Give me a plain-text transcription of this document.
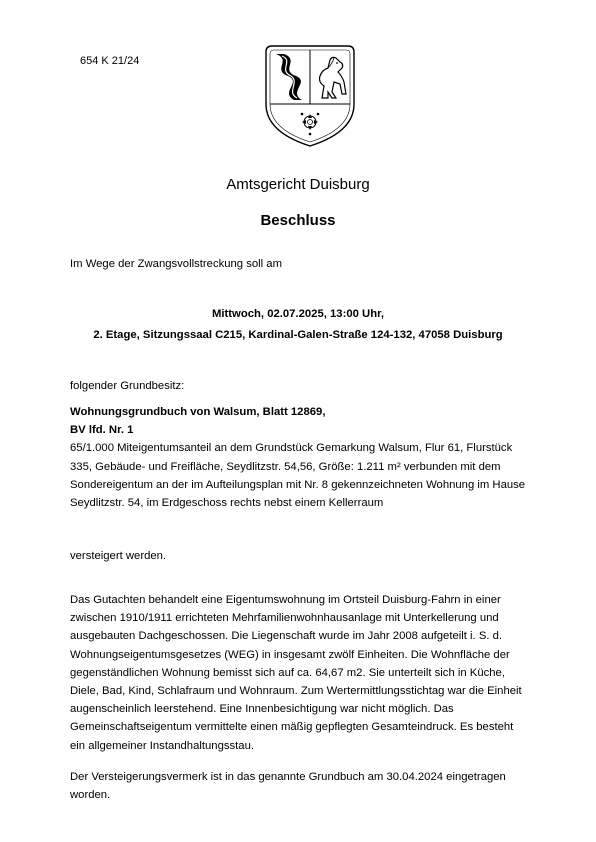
654 K 21/24
Amtsgericht Duisburg
Beschluss
Im Wege der Zwangsvollstreckung soll am
Mittwoch, 02.07.2025, 13:00 Uhr,
2. Etage, Sitzungssaal C215, Kardinal-Galen-Straße 124-132, 47058 Duisburg
folgender Grundbesitz:
Wohnungsgrundbuch von Walsum, Blatt 12869,
BV lfd. Nr. 1
65/1.000 Miteigentumsanteil an dem Grundstück Gemarkung Walsum, Flur 61, Flurstück 335, Gebäude- und Freifläche, Seydlitzstr. 54,56, Größe: 1.211 m² verbunden mit dem Sondereigentum an der im Aufteilungsplan mit Nr. 8 gekennzeichneten Wohnung im Hause Seydlitzstr. 54, im Erdgeschoss rechts nebst einem Kellerraum
versteigert werden.
Das Gutachten behandelt eine Eigentumswohnung im Ortsteil Duisburg-Fahrn in einer zwischen 1910/1911 errichteten Mehrfamilienwohnhausanlage mit Unterkellerung und ausgebauten Dachgeschossen. Die Liegenschaft wurde im Jahr 2008 aufgeteilt i. S. d. Wohnungseigentumsgesetzes (WEG) in insgesamt zwölf Einheiten. Die Wohnfläche der gegenständlichen Wohnung bemisst sich auf ca. 64,67 m2. Sie unterteilt sich in Küche, Diele, Bad, Kind, Schlafraum und Wohnraum. Zum Wertermittlungsstichtag war die Einheit augenscheinlich leerstehend. Eine Innenbesichtigung war nicht möglich. Das Gemeinschaftseigentum vermittelte einen mäßig gepflegten Gesamteindruck. Es besteht ein allgemeiner Instandhaltungsstau.
Der Versteigerungsvermerk ist in das genannte Grundbuch am 30.04.2024 eingetragen worden.
